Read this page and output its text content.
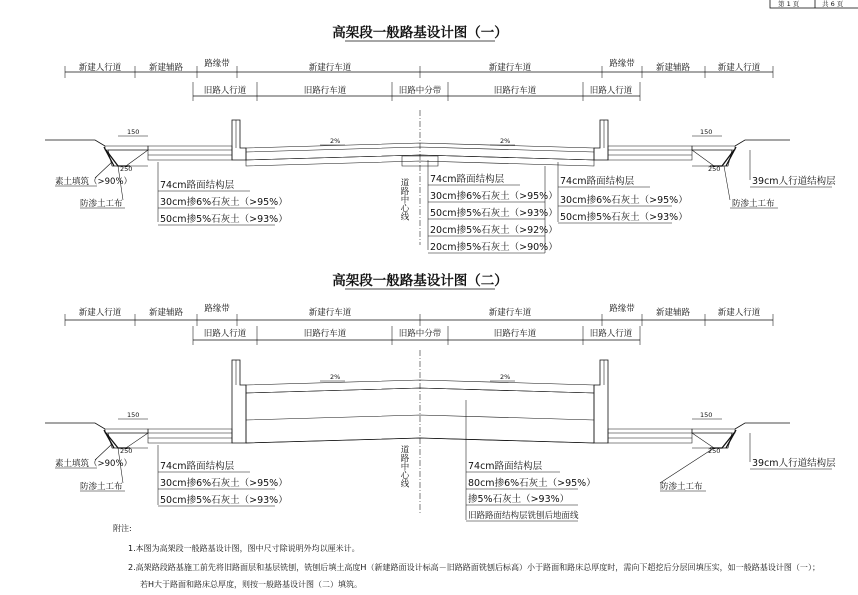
第 1 页	共 6 页
高架段一般路基设计图（一）
新建人行道	新建辅路 路缘带	新建行车道	新建行车道	路缘带 新建辅路	新建人行道
旧路人行道	旧路行车道	旧路中分带	旧路行车道	旧路人行道
2%	2%
150
250
150
250
素土填筑（>90%）
防渗土工布
74cm路面结构层
30cm掺6%石灰土（>95%）
50cm掺5%石灰土（>93%）	道路中心线 74cm路面结构层
30cm掺6%石灰土（>95%）
50cm掺5%石灰土（>93%）
20cm掺5%石灰土（>92%）
20cm掺5%石灰土（>90%）
74cm路面结构层
30cm掺6%石灰土（>95%）
50cm掺5%石灰土（>93%）
39cm人行道结构层
防渗土工布
高架段一般路基设计图（二）
新建人行道	新建辅路 路缘带	新建行车道	新建行车道	路缘带 新建辅路	新建人行道
旧路人行道	旧路行车道	旧路中分带	旧路行车道	旧路人行道
2%	2%
150
250
150
250
素土填筑（>90%）
防渗土工布
74cm路面结构层
30cm掺6%石灰土（>95%）
50cm掺5%石灰土（>93%）
道路中心线	74cm路面结构层
80cm掺6%石灰土（>95%）
掺5%石灰土（>93%）
旧路路面结构层铣刨后地面线
39cm人行道结构层
防渗土工布
附注:
1.本图为高架段一般路基设计图，图中尺寸除说明外均以厘米计。
2.高架路段路基施工前先将旧路面层和基层铣刨，铣刨后填土高度H（新建路面设计标高－旧路路面铣刨后标高）小于路面和路床总厚度时，需向下超挖后分层回填压实，如一般路基设计图（一）；
若H大于路面和路床总厚度，则按一般路基设计图（二）填筑。
